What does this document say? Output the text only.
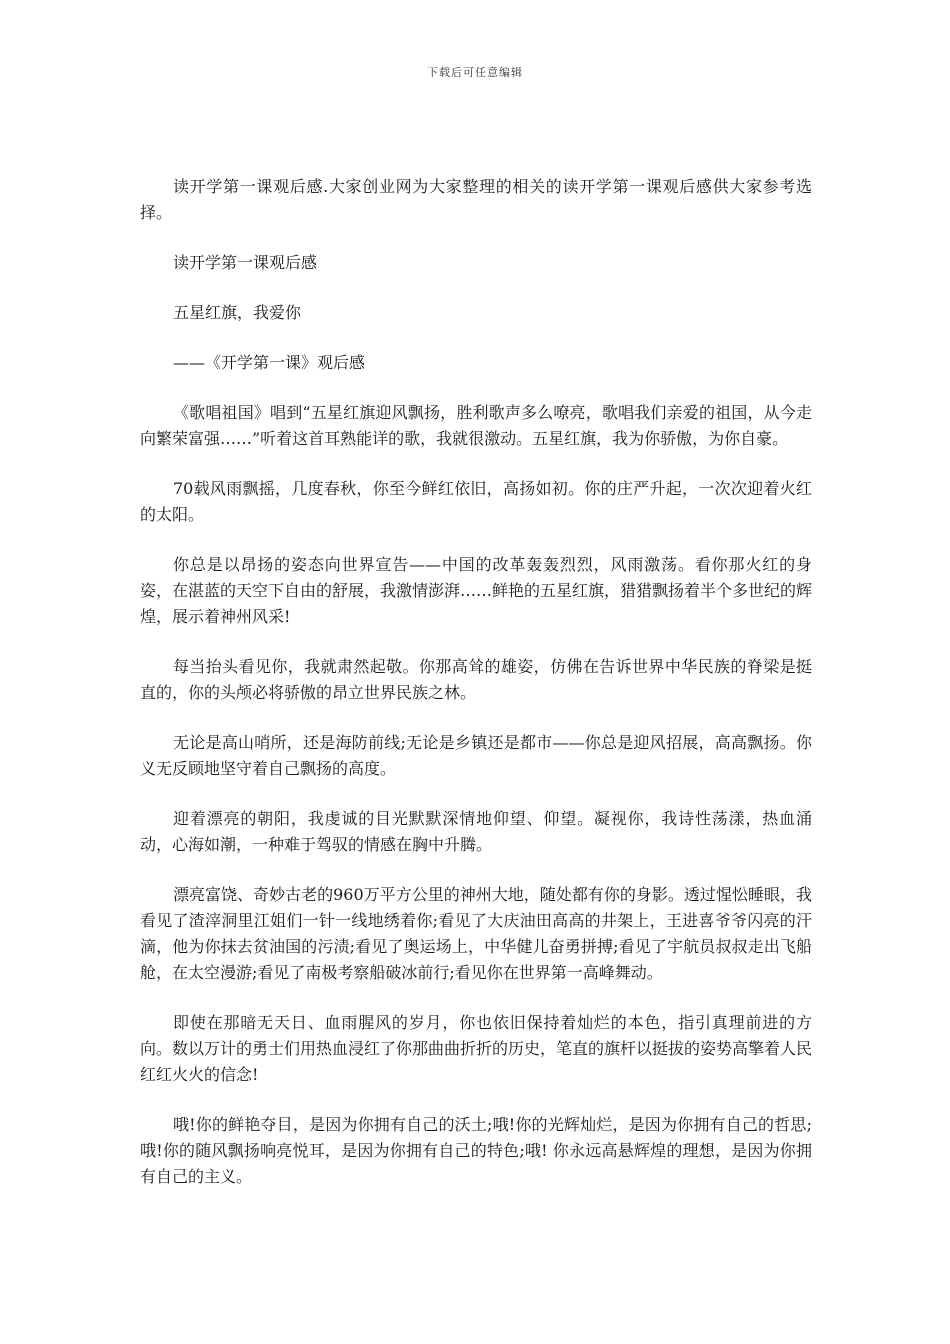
下载后可任意编辑

读开学第一课观后感.大家创业网为大家整理的相关的读开学第一课观后感供大家参考选择。

读开学第一课观后感

五星红旗，我爱你

——《开学第一课》观后感

《歌唱祖国》唱到“五星红旗迎风飘扬，胜利歌声多么嘹亮，歌唱我们亲爱的祖国，从今走向繁荣富强……”听着这首耳熟能详的歌，我就很激动。五星红旗，我为你骄傲，为你自豪。

70载风雨飘摇，几度春秋，你至今鲜红依旧，高扬如初。你的庄严升起，一次次迎着火红的太阳。

你总是以昂扬的姿态向世界宣告——中国的改革轰轰烈烈，风雨激荡。看你那火红的身姿，在湛蓝的天空下自由的舒展，我激情澎湃……鲜艳的五星红旗，猎猎飘扬着半个多世纪的辉煌，展示着神州风采!

每当抬头看见你，我就肃然起敬。你那高耸的雄姿，仿佛在告诉世界中华民族的脊梁是挺直的，你的头颅必将骄傲的昂立世界民族之林。

无论是高山哨所，还是海防前线;无论是乡镇还是都市——你总是迎风招展，高高飘扬。你义无反顾地坚守着自己飘扬的高度。

迎着漂亮的朝阳，我虔诚的目光默默深情地仰望、仰望。凝视你，我诗性荡漾，热血涌动，心海如潮，一种难于驾驭的情感在胸中升腾。

漂亮富饶、奇妙古老的960万平方公里的神州大地，随处都有你的身影。透过惺忪睡眼，我看见了渣滓洞里江姐们一针一线地绣着你;看见了大庆油田高高的井架上，王进喜爷爷闪亮的汗滴，他为你抹去贫油国的污渍;看见了奥运场上，中华健儿奋勇拼搏;看见了宇航员叔叔走出飞船舱，在太空漫游;看见了南极考察船破冰前行;看见你在世界第一高峰舞动。

即使在那暗无天日、血雨腥风的岁月，你也依旧保持着灿烂的本色，指引真理前进的方向。数以万计的勇士们用热血浸红了你那曲曲折折的历史，笔直的旗杆以挺拔的姿势高擎着人民红红火火的信念!

哦!你的鲜艳夺目，是因为你拥有自己的沃土;哦!你的光辉灿烂，是因为你拥有自己的哲思;哦!你的随风飘扬响亮悦耳，是因为你拥有自己的特色;哦! 你永远高悬辉煌的理想，是因为你拥有自己的主义。
